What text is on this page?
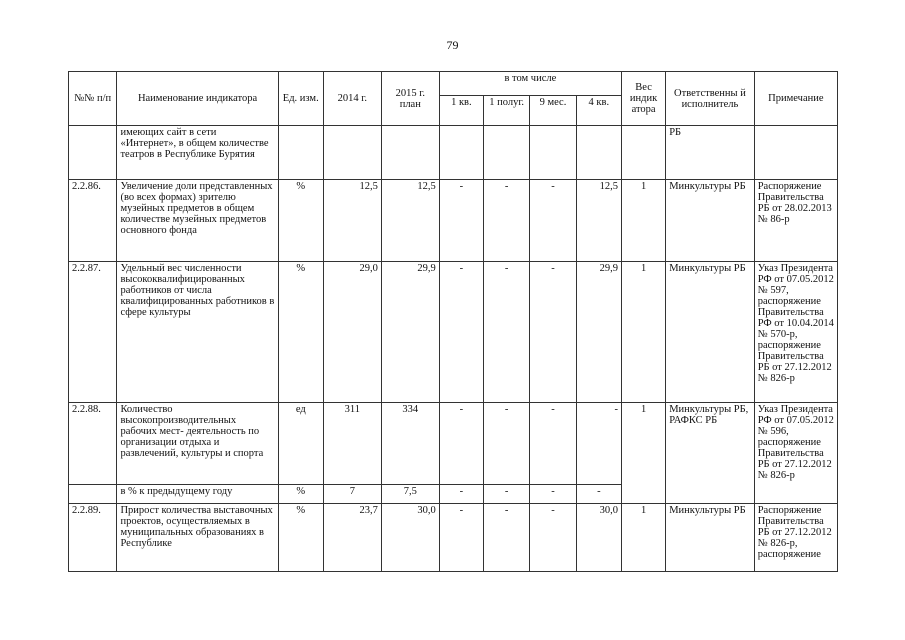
79
№№ п/п	Наименование индикатора	Ед. изм.	2014 г.	2015 г. план	в том числе				Вес индик атора	Ответственны й исполнитель	Примечание
					1 кв.	1 полуг.	9 мес.	4 кв.			
	имеющих сайт в сети «Интернет», в общем количестве театров в Республике Бурятия									РБ	
2.2.86.	Увеличение доли представленных (во всех формах) зрителю музейных предметов в общем количестве музейных предметов основного фонда	%	12,5	12,5	-	-	-	12,5	1	Минкультуры РБ	Распоряжение Правительства РБ от 28.02.2013 № 86-р
2.2.87.	Удельный вес численности высококвалифицированных работников от числа квалифицированных работников в сфере культуры	%	29,0	29,9	-	-	-	29,9	1	Минкультуры РБ	Указ Президента РФ от 07.05.2012 № 597, распоряжение Правительства РФ от 10.04.2014 № 570-р, распоряжение Правительства РБ от 27.12.2012 № 826-р
2.2.88.	Количество высокопроизводительных рабочих мест- деятельность по организации отдыха и развлечений, культуры и спорта	ед	311	334	-	-	-	-	1	Минкультуры РБ, РАФКС РБ	Указ Президента РФ от 07.05.2012 № 596, распоряжение Правительства РБ от 27.12.2012 № 826-р
	в % к предыдущему году	%	7	7,5	-	-	-	-			
2.2.89.	Прирост количества выставочных проектов, осуществляемых в муниципальных образованиях в Республике	%	23,7	30,0	-	-	-	30,0	1	Минкультуры РБ	Распоряжение Правительства РБ от 27.12.2012 № 826-р, распоряжение
